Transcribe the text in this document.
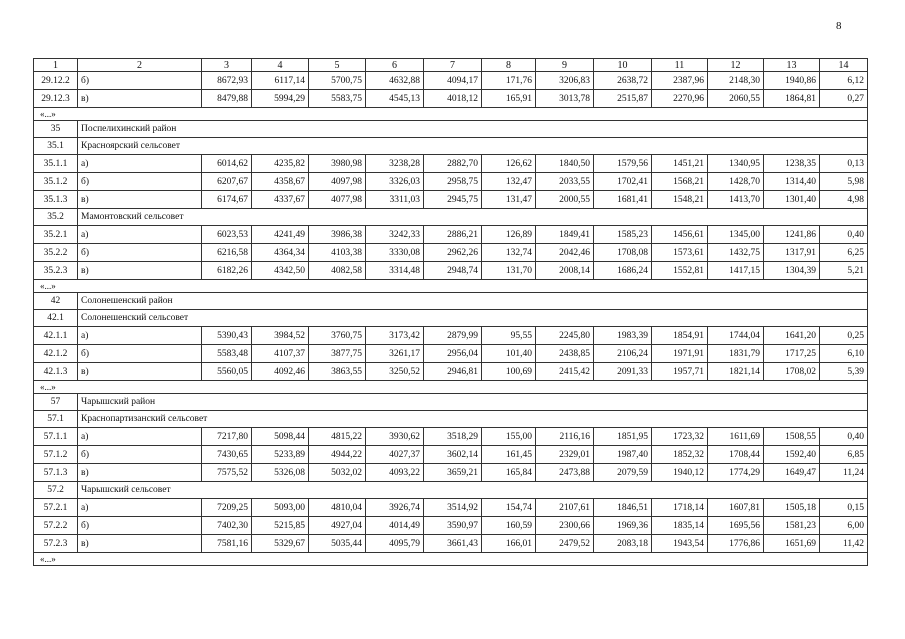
8
1	2	3	4	5	6	7	8	9	10	11	12	13	14
29.12.2	б)	8672,93	6117,14	5700,75	4632,88	4094,17	171,76	3206,83	2638,72	2387,96	2148,30	1940,86	6,12
29.12.3	в)	8479,88	5994,29	5583,75	4545,13	4018,12	165,91	3013,78	2515,87	2270,96	2060,55	1864,81	0,27
«...»													
35	Поспелихинский район												
35.1	Красноярский сельсовет												
35.1.1	а)	6014,62	4235,82	3980,98	3238,28	2882,70	126,62	1840,50	1579,56	1451,21	1340,95	1238,35	0,13
35.1.2	б)	6207,67	4358,67	4097,98	3326,03	2958,75	132,47	2033,55	1702,41	1568,21	1428,70	1314,40	5,98
35.1.3	в)	6174,67	4337,67	4077,98	3311,03	2945,75	131,47	2000,55	1681,41	1548,21	1413,70	1301,40	4,98
35.2	Мамонтовский сельсовет												
35.2.1	а)	6023,53	4241,49	3986,38	3242,33	2886,21	126,89	1849,41	1585,23	1456,61	1345,00	1241,86	0,40
35.2.2	б)	6216,58	4364,34	4103,38	3330,08	2962,26	132,74	2042,46	1708,08	1573,61	1432,75	1317,91	6,25
35.2.3	в)	6182,26	4342,50	4082,58	3314,48	2948,74	131,70	2008,14	1686,24	1552,81	1417,15	1304,39	5,21
«...»													
42	Солонешенский район												
42.1	Солонешенский сельсовет												
42.1.1	а)	5390,43	3984,52	3760,75	3173,42	2879,99	95,55	2245,80	1983,39	1854,91	1744,04	1641,20	0,25
42.1.2	б)	5583,48	4107,37	3877,75	3261,17	2956,04	101,40	2438,85	2106,24	1971,91	1831,79	1717,25	6,10
42.1.3	в)	5560,05	4092,46	3863,55	3250,52	2946,81	100,69	2415,42	2091,33	1957,71	1821,14	1708,02	5,39
«...»													
57	Чарышский район												
57.1	Краснопартизанский сельсовет												
57.1.1	а)	7217,80	5098,44	4815,22	3930,62	3518,29	155,00	2116,16	1851,95	1723,32	1611,69	1508,55	0,40
57.1.2	б)	7430,65	5233,89	4944,22	4027,37	3602,14	161,45	2329,01	1987,40	1852,32	1708,44	1592,40	6,85
57.1.3	в)	7575,52	5326,08	5032,02	4093,22	3659,21	165,84	2473,88	2079,59	1940,12	1774,29	1649,47	11,24
57.2	Чарышский сельсовет												
57.2.1	а)	7209,25	5093,00	4810,04	3926,74	3514,92	154,74	2107,61	1846,51	1718,14	1607,81	1505,18	0,15
57.2.2	б)	7402,30	5215,85	4927,04	4014,49	3590,97	160,59	2300,66	1969,36	1835,14	1695,56	1581,23	6,00
57.2.3	в)	7581,16	5329,67	5035,44	4095,79	3661,43	166,01	2479,52	2083,18	1943,54	1776,86	1651,69	11,42
«...»													
